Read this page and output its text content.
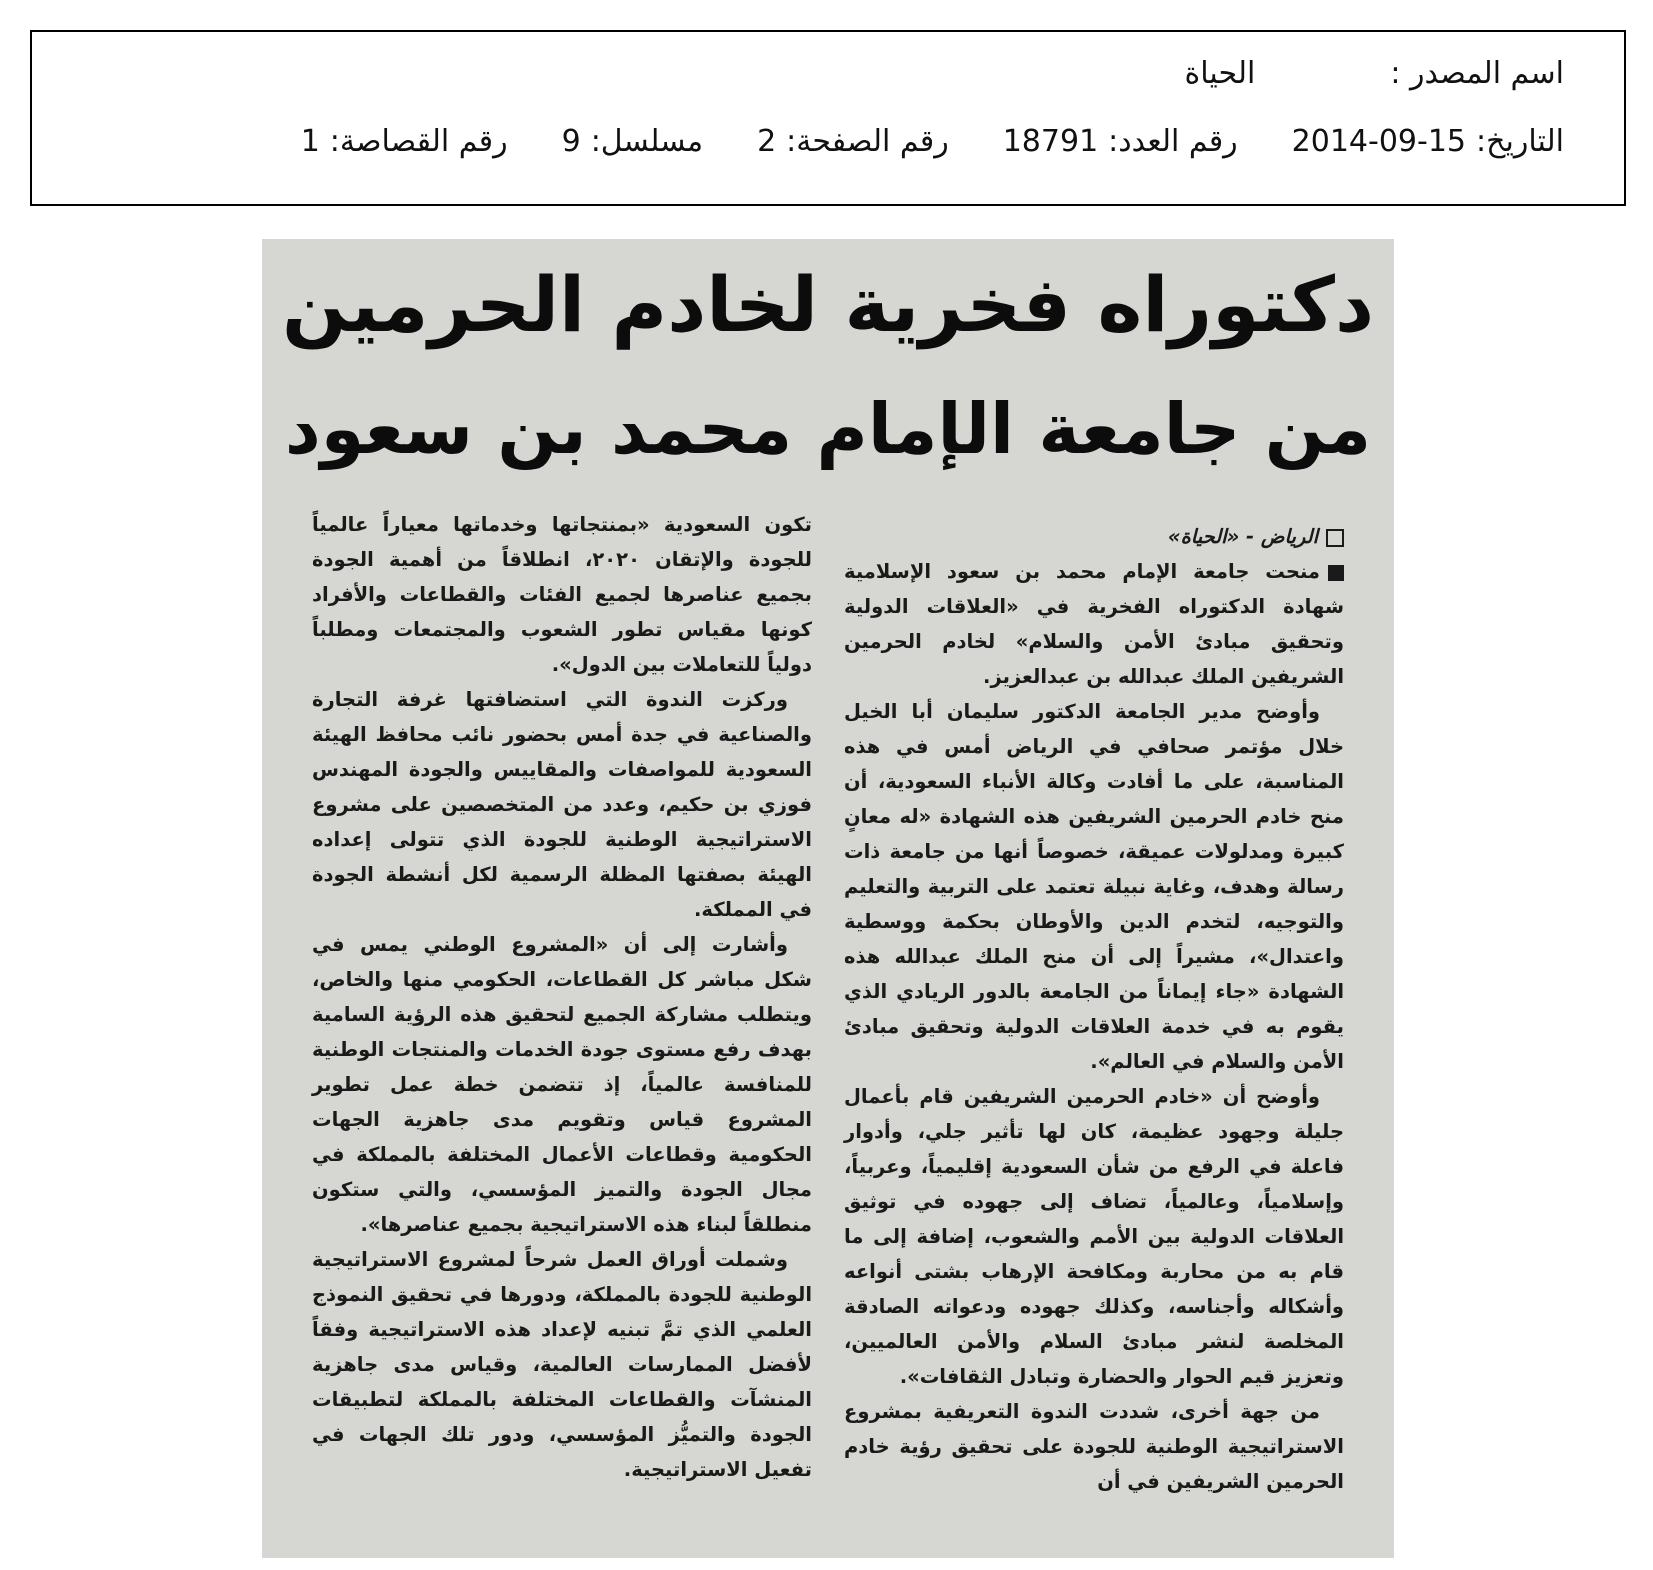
اسم المصدر :
الحياة
التاريخ:
2014-09-15
رقم العدد:
18791
رقم الصفحة:
2
مسلسل:
9
رقم القصاصة:
1
دكتوراه فخرية لخادم الحرمين
من جامعة الإمام محمد بن سعود

الرياض - «الحياة»

منحت جامعة الإمام محمد بن سعود الإسلامية شهادة الدكتوراه الفخرية في «العلاقات الدولية وتحقيق مبادئ الأمن والسلام» لخادم الحرمين الشريفين الملك عبدالله بن عبدالعزيز.

وأوضح مدير الجامعة الدكتور سليمان أبا الخيل خلال مؤتمر صحافي في الرياض أمس في هذه المناسبة، على ما أفادت وكالة الأنباء السعودية، أن منح خادم الحرمين الشريفين هذه الشهادة «له معانٍ كبيرة ومدلولات عميقة، خصوصاً أنها من جامعة ذات رسالة وهدف، وغاية نبيلة تعتمد على التربية والتعليم والتوجيه، لتخدم الدين والأوطان بحكمة ووسطية واعتدال»، مشيراً إلى أن منح الملك عبدالله هذه الشهادة «جاء إيماناً من الجامعة بالدور الريادي الذي يقوم به في خدمة العلاقات الدولية وتحقيق مبادئ الأمن والسلام في العالم».

وأوضح أن «خادم الحرمين الشريفين قام بأعمال جليلة وجهود عظيمة، كان لها تأثير جلي، وأدوار فاعلة في الرفع من شأن السعودية إقليمياً، وعربياً، وإسلامياً، وعالمياً، تضاف إلى جهوده في توثيق العلاقات الدولية بين الأمم والشعوب، إضافة إلى ما قام به من محاربة ومكافحة الإرهاب بشتى أنواعه وأشكاله وأجناسه، وكذلك جهوده ودعواته الصادقة المخلصة لنشر مبادئ السلام والأمن العالميين، وتعزيز قيم الحوار والحضارة وتبادل الثقافات».

من جهة أخرى، شددت الندوة التعريفية بمشروع الاستراتيجية الوطنية للجودة على تحقيق رؤية خادم الحرمين الشريفين في أن

تكون السعودية «بمنتجاتها وخدماتها معياراً عالمياً للجودة والإتقان ٢٠٢٠، انطلاقاً من أهمية الجودة بجميع عناصرها لجميع الفئات والقطاعات والأفراد كونها مقياس تطور الشعوب والمجتمعات ومطلباً دولياً للتعاملات بين الدول».

وركزت الندوة التي استضافتها غرفة التجارة والصناعية في جدة أمس بحضور نائب محافظ الهيئة السعودية للمواصفات والمقاييس والجودة المهندس فوزي بن حكيم، وعدد من المتخصصين على مشروع الاستراتيجية الوطنية للجودة الذي تتولى إعداده الهيئة بصفتها المظلة الرسمية لكل أنشطة الجودة في المملكة.

وأشارت إلى أن «المشروع الوطني يمس في شكل مباشر كل القطاعات، الحكومي منها والخاص، ويتطلب مشاركة الجميع لتحقيق هذه الرؤية السامية بهدف رفع مستوى جودة الخدمات والمنتجات الوطنية للمنافسة عالمياً، إذ تتضمن خطة عمل تطوير المشروع قياس وتقويم مدى جاهزية الجهات الحكومية وقطاعات الأعمال المختلفة بالمملكة في مجال الجودة والتميز المؤسسي، والتي ستكون منطلقاً لبناء هذه الاستراتيجية بجميع عناصرها».

وشملت أوراق العمل شرحاً لمشروع الاستراتيجية الوطنية للجودة بالمملكة، ودورها في تحقيق النموذج العلمي الذي تمَّ تبنيه لإعداد هذه الاستراتيجية وفقاً لأفضل الممارسات العالمية، وقياس مدى جاهزية المنشآت والقطاعات المختلفة بالمملكة لتطبيقات الجودة والتميُّز المؤسسي، ودور تلك الجهات في تفعيل الاستراتيجية.
